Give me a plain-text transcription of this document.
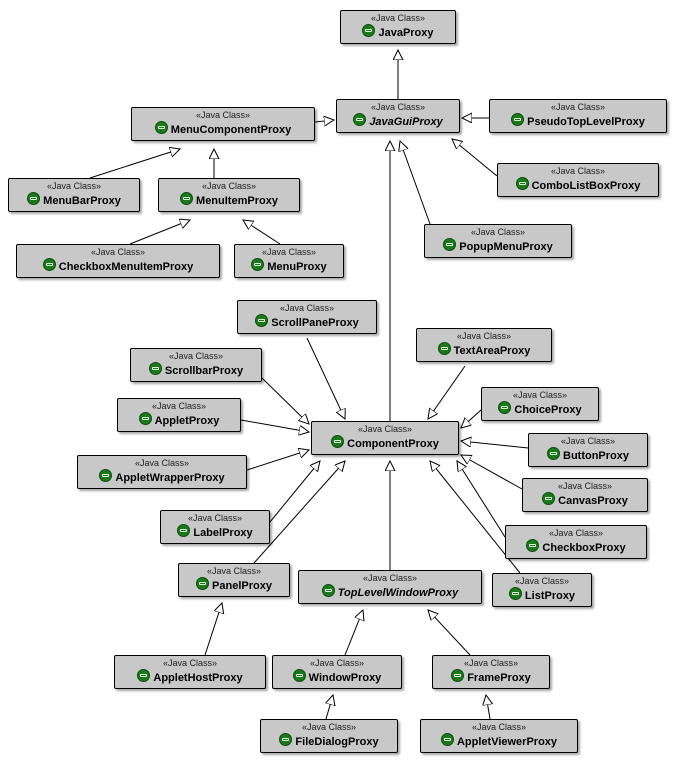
«Java Class»
JavaProxy
«Java Class»
JavaGuiProxy
«Java Class»
PseudoTopLevelProxy
«Java Class»
ComboListBoxProxy
«Java Class»
MenuComponentProxy
«Java Class»
MenuBarProxy
«Java Class»
MenuItemProxy
«Java Class»
CheckboxMenuItemProxy
«Java Class»
MenuProxy
«Java Class»
PopupMenuProxy
«Java Class»
ScrollPaneProxy
«Java Class»
TextAreaProxy
«Java Class»
ScrollbarProxy
«Java Class»
ChoiceProxy
«Java Class»
AppletProxy
«Java Class»
ComponentProxy	«Java Class»
ButtonProxy
«Java Class»
AppletWrapperProxy
«Java Class»
CanvasProxy
«Java Class»
LabelProxy	«Java Class»
CheckboxProxy
«Java Class»
PanelProxy
«Java Class»
TopLevelWindowProxy
«Java Class»
ListProxy
«Java Class»
AppletHostProxy
«Java Class»
WindowProxy
«Java Class»
FrameProxy
«Java Class»
FileDialogProxy
«Java Class»
AppletViewerProxy
